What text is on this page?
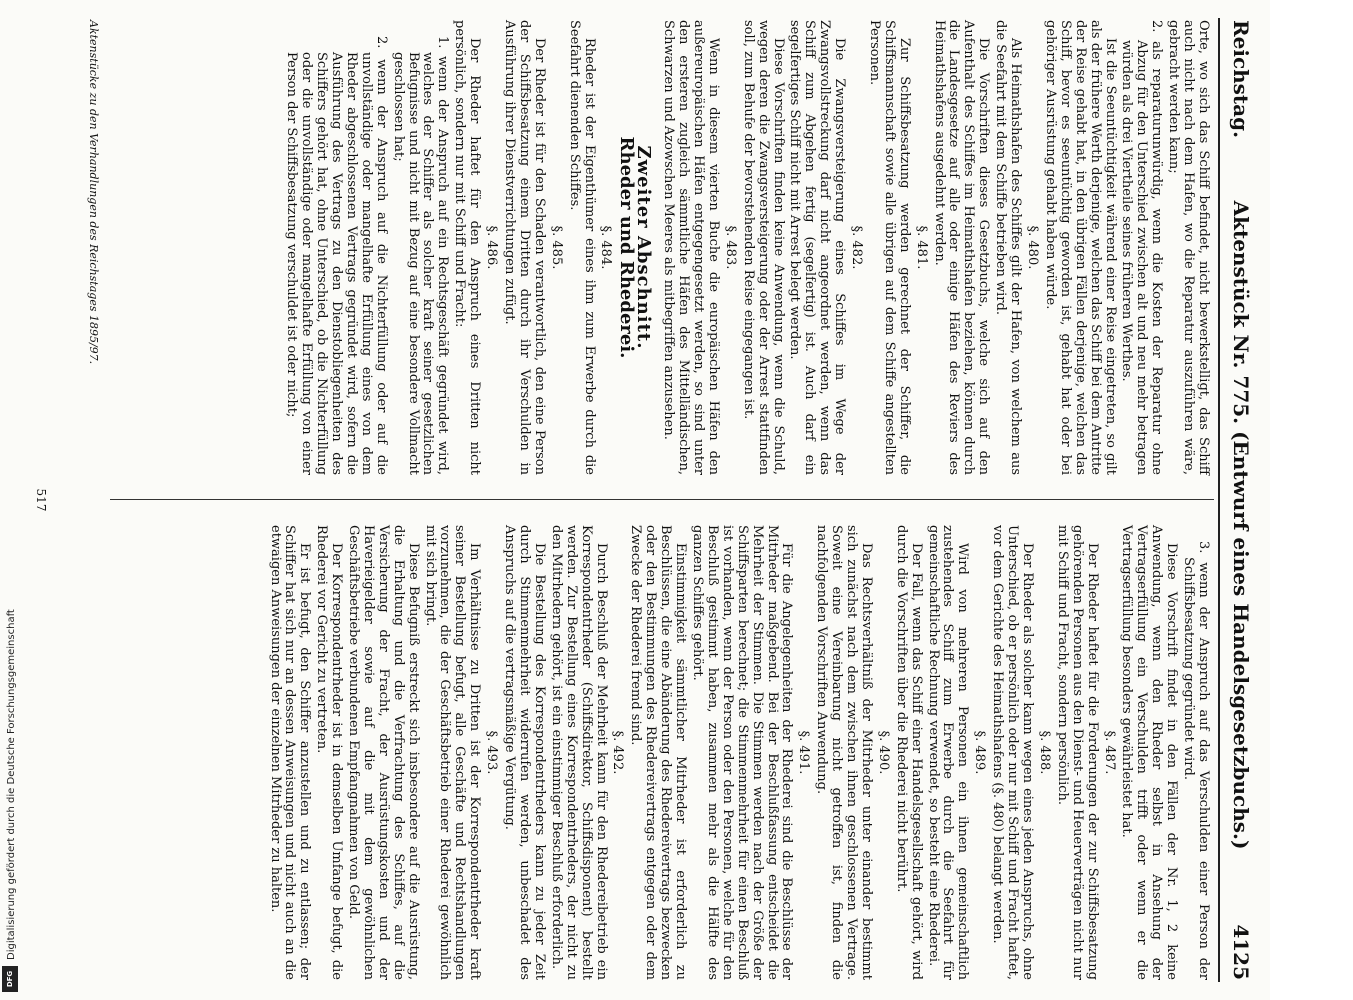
Reichstag.
Aktenstück Nr. 775. (Entwurf eines Handelsgesetzbuchs.)
4125

Orte, wo sich das Schiff befindet, nicht bewerkstelligt, das Schiff auch nicht nach dem Hafen, wo die Reparatur auszuführen wäre, gebracht werden kann;

2. als reparaturunwürdig, wenn die Kosten der Reparatur ohne Abzug für den Unterschied zwischen alt und neu mehr betragen würden als drei Viertheile seines früheren Werthes.

Ist die Seeuntüchtigkeit während einer Reise eingetreten, so gilt als der frühere Werth derjenige, welchen das Schiff bei dem Antritte der Reise gehabt hat, in den übrigen Fällen derjenige, welchen das Schiff, bevor es seeuntüchtig geworden ist, gehabt hat oder bei gehöriger Ausrüstung gehabt haben würde.

§. 480.

Als Heimathshafen des Schiffes gilt der Hafen, von welchem aus die Seefahrt mit dem Schiffe betrieben wird.

Die Vorschriften dieses Gesetzbuchs, welche sich auf den Aufenthalt des Schiffes im Heimathshafen beziehen, können durch die Landesgesetze auf alle oder einige Häfen des Reviers des Heimathshafens ausgedehnt werden.

§. 481.

Zur Schiffsbesatzung werden gerechnet der Schiffer, die Schiffsmannschaft sowie alle übrigen auf dem Schiffe angestellten Personen.

§. 482.

Die Zwangsversteigerung eines Schiffes im Wege der Zwangsvollstreckung darf nicht angeordnet werden, wenn das Schiff zum Abgehen fertig (segelfertig) ist. Auch darf ein segelfertiges Schiff nicht mit Arrest belegt werden.

Diese Vorschriften finden keine Anwendung, wenn die Schuld, wegen deren die Zwangsversteigerung oder der Arrest stattfinden soll, zum Behufe der bevorstehenden Reise eingegangen ist.

§. 483.

Wenn in diesem vierten Buche die europäischen Häfen den außereuropäischen Häfen entgegengesetzt werden, so sind unter den ersteren zugleich sämmtliche Häfen des Mittelländischen, Schwarzen und Azowschen Meeres als mitbegriffen anzusehen.

Zweiter Abschnitt.
Rheder und Rhederei.

§. 484.

Rheder ist der Eigenthümer eines ihm zum Erwerbe durch die Seefahrt dienenden Schiffes.

§. 485.

Der Rheder ist für den Schaden verantwortlich, den eine Person der Schiffsbesatzung einem Dritten durch ihr Verschulden in Ausführung ihrer Dienstverrichtungen zufügt.

§. 486.

Der Rheder haftet für den Anspruch eines Dritten nicht persönlich, sondern nur mit Schiff und Fracht:

1. wenn der Anspruch auf ein Rechtsgeschäft gegründet wird, welches der Schiffer als solcher kraft seiner gesetzlichen Befugnisse und nicht mit Bezug auf eine besondere Vollmacht geschlossen hat;

2. wenn der Anspruch auf die Nichterfüllung oder auf die unvollständige oder mangelhafte Erfüllung eines von dem Rheder abgeschlossenen Vertrags gegründet wird, sofern die Ausführung des Vertrags zu den Dienstobliegenheiten des Schiffers gehört hat, ohne Unterschied, ob die Nichterfüllung oder die unvollständige oder mangelhafte Erfüllung von einer Person der Schiffsbesatzung verschuldet ist oder nicht;

3. wenn der Anspruch auf das Verschulden einer Person der Schiffsbesatzung gegründet wird.

Diese Vorschrift findet in den Fällen der Nr. 1, 2 keine Anwendung, wenn den Rheder selbst in Ansehung der Vertragserfüllung ein Verschulden trifft oder wenn er die Vertragserfüllung besonders gewährleistet hat.

§. 487.

Der Rheder haftet für die Forderungen der zur Schiffsbesatzung gehörenden Personen aus den Dienst- und Heuerverträgen nicht nur mit Schiff und Fracht, sondern persönlich.

§. 488.

Der Rheder als solcher kann wegen eines jeden Anspruchs, ohne Unterschied, ob er persönlich oder nur mit Schiff und Fracht haftet, vor dem Gerichte des Heimathshafens (§. 480) belangt werden.

§. 489.

Wird von mehreren Personen ein ihnen gemeinschaftlich zustehendes Schiff zum Erwerbe durch die Seefahrt für gemeinschaftliche Rechnung verwendet, so besteht eine Rhederei.

Der Fall, wenn das Schiff einer Handelsgesellschaft gehört, wird durch die Vorschriften über die Rhederei nicht berührt.

§. 490.

Das Rechtsverhältniß der Mitrheder unter einander bestimmt sich zunächst nach dem zwischen ihnen geschlossenen Vertrage. Soweit eine Vereinbarung nicht getroffen ist, finden die nachfolgenden Vorschriften Anwendung.

§. 491.

Für die Angelegenheiten der Rhederei sind die Beschlüsse der Mitrheder maßgebend. Bei der Beschlußfassung entscheidet die Mehrheit der Stimmen. Die Stimmen werden nach der Größe der Schiffsparten berechnet; die Stimmenmehrheit für einen Beschluß ist vorhanden, wenn der Person oder den Personen, welche für den Beschluß gestimmt haben, zusammen mehr als die Hälfte des ganzen Schiffes gehört.

Einstimmigkeit sämmtlicher Mitrheder ist erforderlich zu Beschlüssen, die eine Abänderung des Rhedereivertrags bezwecken oder den Bestimmungen des Rhedereivertrags entgegen oder dem Zwecke der Rhederei fremd sind.

§. 492.

Durch Beschluß der Mehrheit kann für den Rhedereibetrieb ein Korrespondentrheder (Schiffsdirektor, Schiffsdisponent) bestellt werden. Zur Bestellung eines Korrespondentrheders, der nicht zu den Mitrhedern gehört, ist ein einstimmiger Beschluß erforderlich.

Die Bestellung des Korrespondentrheders kann zu jeder Zeit durch Stimmenmehrheit widerrufen werden, unbeschadet des Anspruchs auf die vertragsmäßige Vergütung.

§. 493.

Im Verhältnisse zu Dritten ist der Korrespondentrheder kraft seiner Bestellung befugt, alle Geschäfte und Rechtshandlungen vorzunehmen, die der Geschäftsbetrieb einer Rhederei gewöhnlich mit sich bringt.

Diese Befugniß erstreckt sich insbesondere auf die Ausrüstung, die Erhaltung und die Verfrachtung des Schiffes, auf die Versicherung der Fracht, der Ausrüstungskosten und der Haverieigelder sowie auf die mit dem gewöhnlichen Geschäftsbetriebe verbundenen Empfangnahmen von Geld.

Der Korrespondentrheder ist in demselben Umfange befugt, die Rhederei vor Gericht zu vertreten.

Er ist befugt, den Schiffer anzustellen und zu entlassen; der Schiffer hat sich nur an dessen Anweisungen und nicht auch an die etwaigen Anweisungen der einzelnen Mitrheder zu halten.

Aktenstücke zu den Verhandlungen des Reichstages 1895/97.
517
Digitalisierung gefördert durch die Deutsche Forschungsgemeinschaft
DFG
